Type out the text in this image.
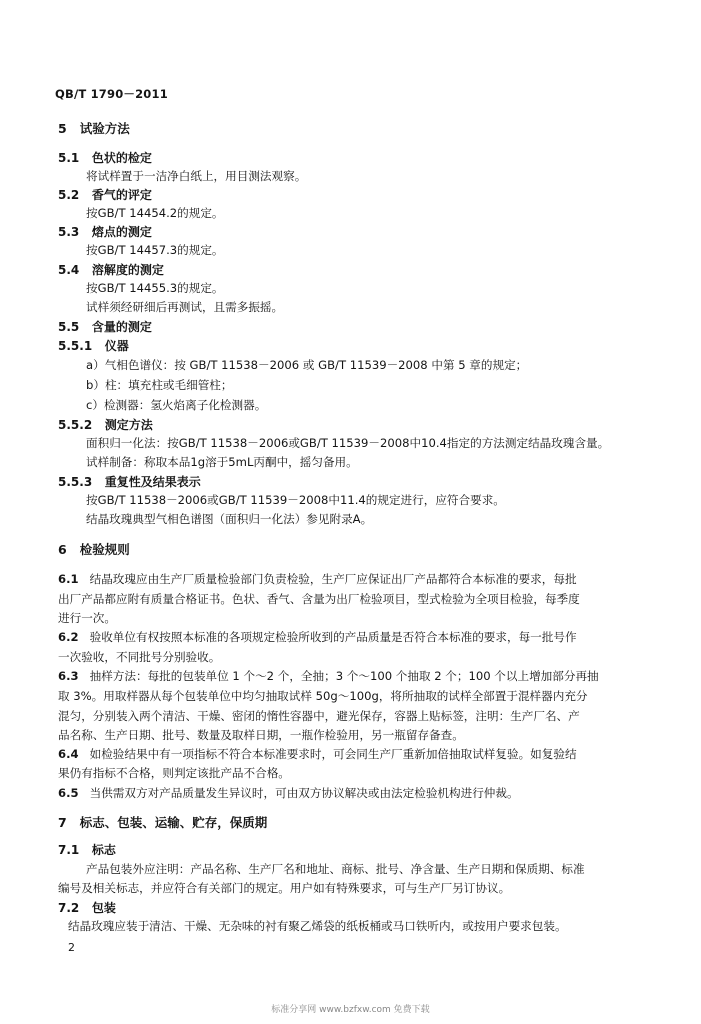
QB/T 1790－2011
5 试验方法
5.1 色状的检定
将试样置于一洁净白纸上，用目测法观察。
5.2 香气的评定
按GB/T 14454.2的规定。
5.3 熔点的测定
按GB/T 14457.3的规定。
5.4 溶解度的测定
按GB/T 14455.3的规定。
试样须经研细后再测试，且需多振摇。
5.5 含量的测定
5.5.1 仪器
a）气相色谱仪：按 GB/T 11538－2006 或 GB/T 11539－2008 中第 5 章的规定；
b）柱：填充柱或毛细管柱；
c）检测器：氢火焰离子化检测器。
5.5.2 测定方法
面积归一化法：按GB/T 11538－2006或GB/T 11539－2008中10.4指定的方法测定结晶玫瑰含量。
试样制备：称取本品1g溶于5mL丙酮中，摇匀备用。
5.5.3 重复性及结果表示
按GB/T 11538－2006或GB/T 11539－2008中11.4的规定进行，应符合要求。
结晶玫瑰典型气相色谱图（面积归一化法）参见附录A。
6 检验规则
6.1 结晶玫瑰应由生产厂质量检验部门负责检验，生产厂应保证出厂产品都符合本标准的要求，每批
出厂产品都应附有质量合格证书。色状、香气、含量为出厂检验项目，型式检验为全项目检验，每季度
进行一次。
6.2 验收单位有权按照本标准的各项规定检验所收到的产品质量是否符合本标准的要求，每一批号作
一次验收，不同批号分别验收。
6.3 抽样方法：每批的包装单位 1 个～2 个，全抽；3 个～100 个抽取 2 个；100 个以上增加部分再抽
取 3%。用取样器从每个包装单位中均匀抽取试样 50g～100g，将所抽取的试样全部置于混样器内充分
混匀，分别装入两个清洁、干燥、密闭的惰性容器中，避光保存，容器上贴标签，注明：生产厂名、产
品名称、生产日期、批号、数量及取样日期，一瓶作检验用，另一瓶留存备查。
6.4 如检验结果中有一项指标不符合本标准要求时，可会同生产厂重新加倍抽取试样复验。如复验结
果仍有指标不合格，则判定该批产品不合格。
6.5 当供需双方对产品质量发生异议时，可由双方协议解决或由法定检验机构进行仲裁。
7 标志、包装、运输、贮存，保质期
7.1 标志
产品包装外应注明：产品名称、生产厂名和地址、商标、批号、净含量、生产日期和保质期、标准
编号及相关标志，并应符合有关部门的规定。用户如有特殊要求，可与生产厂另订协议。
7.2 包装
结晶玫瑰应装于清洁、干燥、无杂味的衬有聚乙烯袋的纸板桶或马口铁听内，或按用户要求包装。
2
标准分享网 www.bzfxw.com 免费下载
